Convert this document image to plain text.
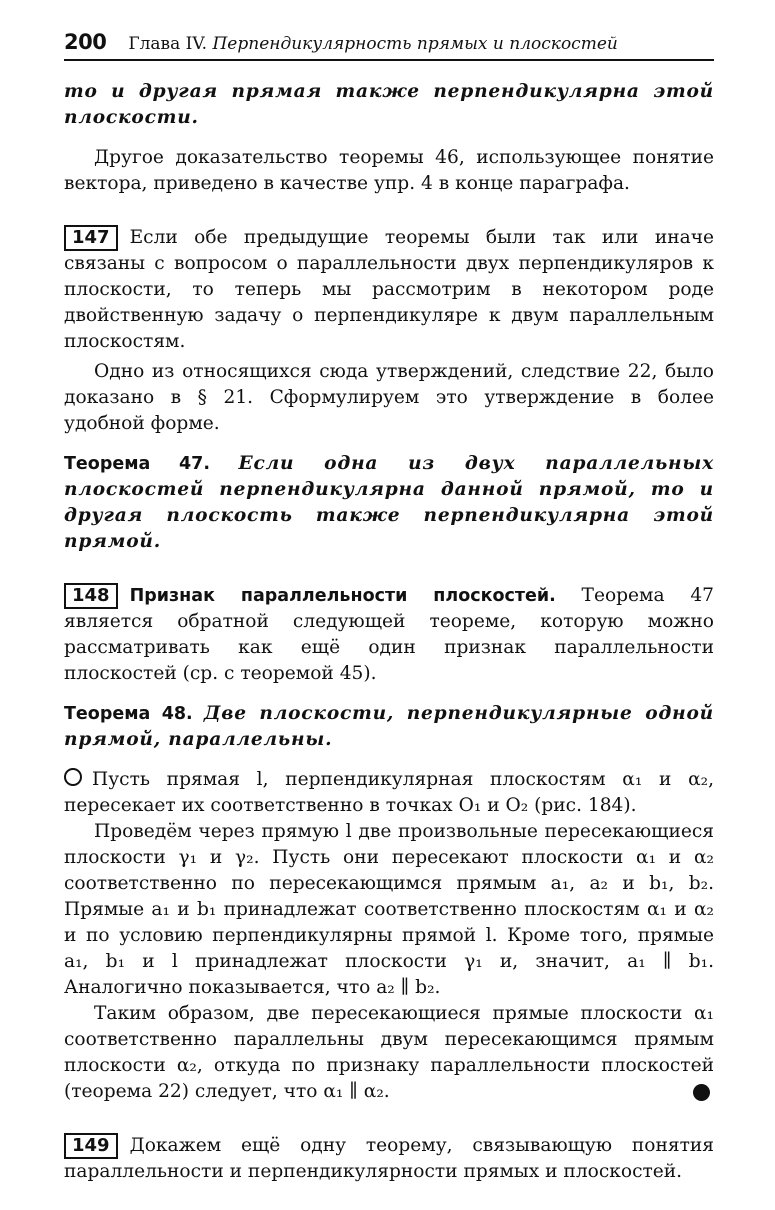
200 Глава IV. Перпендикулярность прямых и плоскостей

то и другая прямая также перпендикулярна этой плоскости.

Другое доказательство теоремы 46, использующее понятие вектора, приведено в качестве упр. 4 в конце параграфа.

147 Если обе предыдущие теоремы были так или иначе связаны с вопросом о параллельности двух перпендикуляров к плоскости, то теперь мы рассмотрим в некотором роде двойственную задачу о перпендикуляре к двум параллельным плоскостям.

Одно из относящихся сюда утверждений, следствие 22, было доказано в § 21. Сформулируем это утверждение в более удобной форме.

Теорема 47. Если одна из двух параллельных плоскостей перпендикулярна данной прямой, то и другая плоскость также перпендикулярна этой прямой.

148 Признак параллельности плоскостей. Теорема 47 является обратной следующей теореме, которую можно рассматривать как ещё один признак параллельности плоскостей (ср. с теоремой 45).

Теорема 48. Две плоскости, перпендикулярные одной прямой, параллельны.

Пусть прямая l, перпендикулярная плоскостям α₁ и α₂, пересекает их соответственно в точках O₁ и O₂ (рис. 184).

Проведём через прямую l две произвольные пересекающиеся плоскости γ₁ и γ₂. Пусть они пересекают плоскости α₁ и α₂ соответственно по пересекающимся прямым a₁, a₂ и b₁, b₂. Прямые a₁ и b₁ принадлежат соответственно плоскостям α₁ и α₂ и по условию перпендикулярны прямой l. Кроме того, прямые a₁, b₁ и l принадлежат плоскости γ₁ и, значит, a₁ ∥ b₁. Аналогично показывается, что a₂ ∥ b₂.

Таким образом, две пересекающиеся прямые плоскости α₁ соответственно параллельны двум пересекающимся прямым плоскости α₂, откуда по признаку параллельности плоскостей (теорема 22) следует, что α₁ ∥ α₂.

149 Докажем ещё одну теорему, связывающую понятия параллельности и перпендикулярности прямых и плоскостей.
